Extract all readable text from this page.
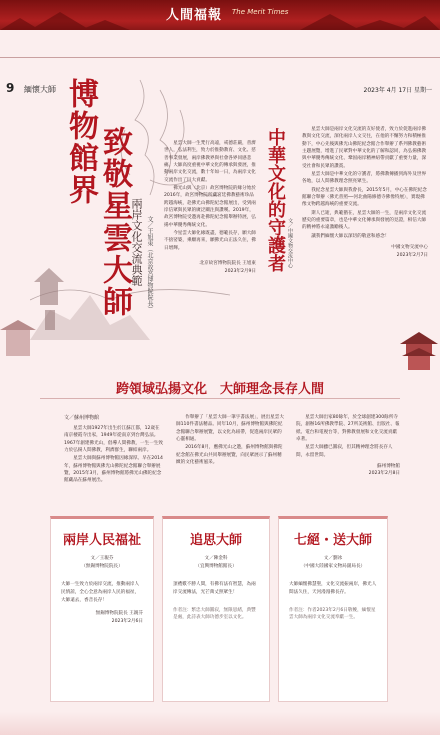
人間福報 The Merit Times
9 緬懷大師	2023年 4月 17日 星期一
博物館界 致敬星雲大師
兩岸文化交流典範 文／王旭東（北京故宮博物院院長）

星雲大師一生梵行高遠，戒德莊嚴，普濟世人，弘法利生，致力於推動教育、文化、慈善事業發展，兩岸佛教界與社會各界同感悲痛。大師高度重視中華文化的傳承與發展，推動兩岸文化交流，數十年如一日，為兩岸文化交流作出了巨大貢獻。

佛光山與（北京）故宮博物院的緣分始於2016年，故宮博物院所藏宮廷佛教藝術珍品跨越海峽，赴佛光山佛陀紀念館展出，受到兩岸信眾與民眾的廣泛關注與讚嘆。2019年，故宮博物院受邀再赴佛陀紀念館舉辦特展，弘揚中華優秀傳統文化。

今星雲大師化緣既盡，德範長存，願大師不捨娑婆，乘願再來，願佛光山正法久住，佛日增輝。

北京故宮博物院院長 王旭東
2023年2月9日 中華文化的守護者 文／中國文物交流中心

星雲大師是兩岸文化交流的友好使者，致力於促進兩岸佛教與文化交流，深化兩岸人文交往，在他的不懈努力和積極推動下，中心先後與佛光山佛陀紀念館合作舉辦了系列佛教藝術主題展覽，增進了民眾對中華文化的了解和認同，為弘揚佛教與中華優秀傳統文化、鞏固兩岸精神紐帶貢獻了重要力量，深受社會和民眾的讚賞。

星雲大師是中華文化的守護者，將佛教傳播到海外及世界各地，以人間佛教理念照亮眾生。

我紀念星雲大師與我會長，2015年5月，中心在佛陀紀念館聯合舉辦〈佛光普照──河北曲陽修德寺佛像特展〉，實現佛像文物跨越海峽的重要交流。

斯人已逝，典範猶在，星雲大師的一生，是兩岸文化交流歷史的重要篇章，也是中華文化傳承與發展的見證，相信大師的精神將永遠激勵後人。

讓我們緬懷大師以深切的敬意和感念！

中國文物交流中心
2023年2月7日
跨領域弘揚文化　大師理念長存人間
文／蘇州博物館

星雲大師1927年出生於江蘇江都，12歲在南京棲霞寺出家，1949年從南京到台灣弘法。1967年創建佛光山，倡導人間佛教，一生一生致力於弘揚人間佛教，利濟群生，聯結兩岸。

星雲大師與蘇州博物館因緣深厚。早在2014年，蘇州博物館與佛光山佛陀紀念館聯合舉辦展覽，2015年3月，蘇州博物館將佛光山佛陀紀念館藏品在蘇州展出。

作舉辦了「星雲大師一筆字書法展」，展出星雲大師110件書法精品。同年10月，蘇州博物館與佛陀紀念館聯合舉辦展覽，以文化為紐帶，促進兩岸民眾的心靈相通。

2016年8月，應佛光山之邀，蘇州博物館與佛陀紀念館在佛光山共同舉辦展覽，向民眾展示了蘇州精緻的文化藝術風采。

星雲大師出家80餘年，於全球創建300餘所寺院，創辦16所佛教學院、27所美術館、出版社、報紙、電台和電視台等，對佛教發展和文化交流貢獻卓著。

星雲大師雖已圓寂，但其精神理念將長存人間，永留世間。

蘇州博物館
2023年2月8日
兩岸人民福祉
文／王親芬
（無錫博物院院長）

大師一生致力於兩岸交流，推動兩岸人民情誼，全心全意為兩岸人民的福祉，大師遠去，香音長存！

無錫博物院院長 王親芬
2023年2月6日
追思大師
文／陳金科
（宜興博物館館長）

頂禮歎不勝人間，有佛有法有智慧，為兩岸交流傳法，光芒萬丈照眾生！

作者注：繁忠大師圓寂，無限思緒，典豐是處，此詩表大師功德步室以文化。

七絕・送大師
文／劉冰
（中國大陸國家文物局副局長）

大師緬懷佛慧聖，文化交流振兩岸，佛光人間法久住，天河漫漫佛長存。

作者注：作者2023年2月6日敬輓，緬懷星雲大師為兩岸文化交流奉獻一生。
